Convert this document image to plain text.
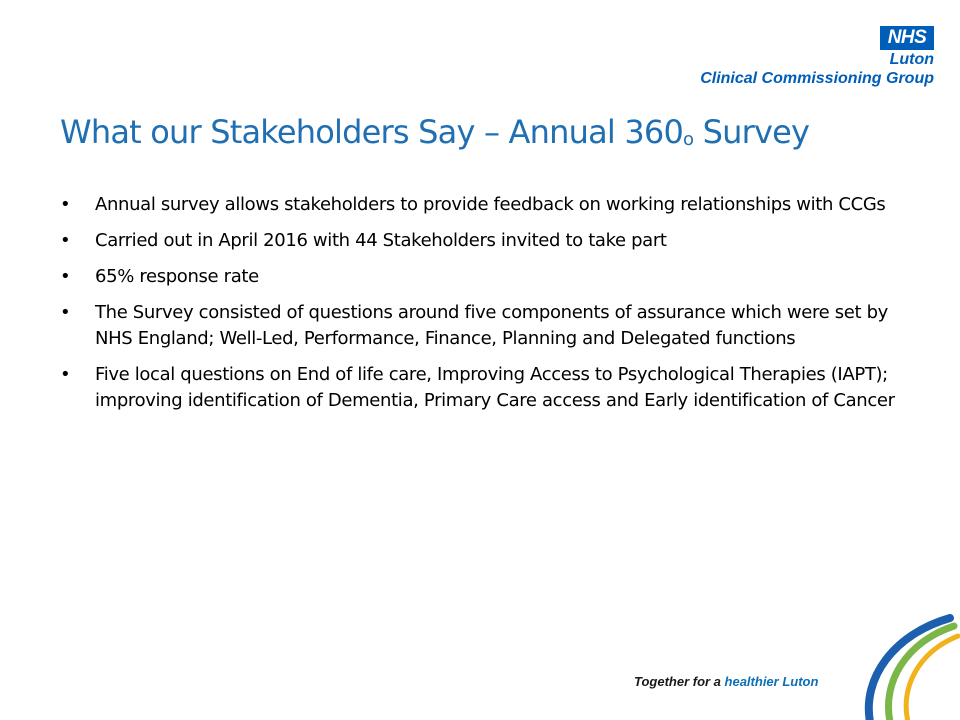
NHS
Luton
Clinical Commissioning Group
What our Stakeholders Say – Annual $360_o$ Survey
• Annual survey allows stakeholders to provide feedback on working relationships with CCGs
• Carried out in April 2016 with 44 Stakeholders invited to take part
• 65% response rate
• The Survey consisted of questions around five components of assurance which were set by NHS England; Well-Led, Performance, Finance, Planning and Delegated functions
• Five local questions on End of life care, Improving Access to Psychological Therapies (IAPT); improving identification of Dementia, Primary Care access and Early identification of Cancer
Together for a healthier Luton
